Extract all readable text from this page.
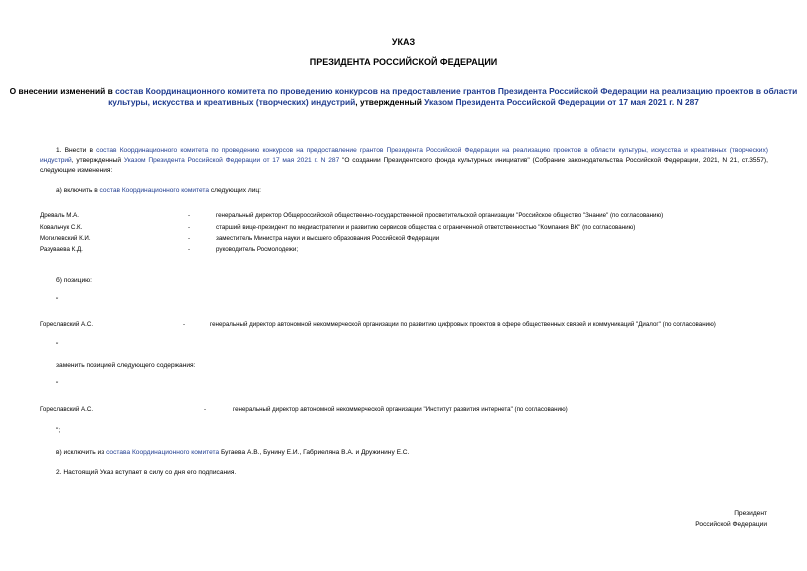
УКАЗ
ПРЕЗИДЕНТА РОССИЙСКОЙ ФЕДЕРАЦИИ
О внесении изменений в состав Координационного комитета по проведению конкурсов на предоставление грантов Президента Российской Федерации на реализацию проектов в области культуры, искусства и креативных (творческих) индустрий, утвержденный Указом Президента Российской Федерации от 17 мая 2021 г. N 287
1. Внести в состав Координационного комитета по проведению конкурсов на предоставление грантов Президента Российской Федерации на реализацию проектов в области культуры, искусства и креативных (творческих) индустрий, утвержденный Указом Президента Российской Федерации от 17 мая 2021 г. N 287 "О создании Президентского фонда культурных инициатив" (Собрание законодательства Российской Федерации, 2021, N 21, ст.3557), следующие изменения:
а) включить в состав Координационного комитета следующих лиц:
Древаль М.А.	-	генеральный директор Общероссийской общественно-государственной просветительской организации "Российское общество "Знание" (по согласованию)
Ковальчук С.К.	-	старший вице-президент по медиастратегии и развитию сервисов общества с ограниченной ответственностью "Компания ВК" (по согласованию)
Могилевский К.И.	-	заместитель Министра науки и высшего образования Российской Федерации
Разуваева К.Д.	-	руководитель Росмолодежи;
б) позицию:
"
Гореславский А.С.	-	генеральный директор автономной некоммерческой организации по развитию цифровых проектов в сфере общественных связей и коммуникаций "Диалог" (по согласованию)
"
заменить позицией следующего содержания:
"
Гореславский А.С.	-	генеральный директор автономной некоммерческой организации "Институт развития интернета" (по согласованию)
";
в) исключить из состава Координационного комитета Бугаева А.В., Бунину Е.И., Габриеляна В.А. и Дружинину Е.С.
2. Настоящий Указ вступает в силу со дня его подписания.
Президент
Российской Федерации
